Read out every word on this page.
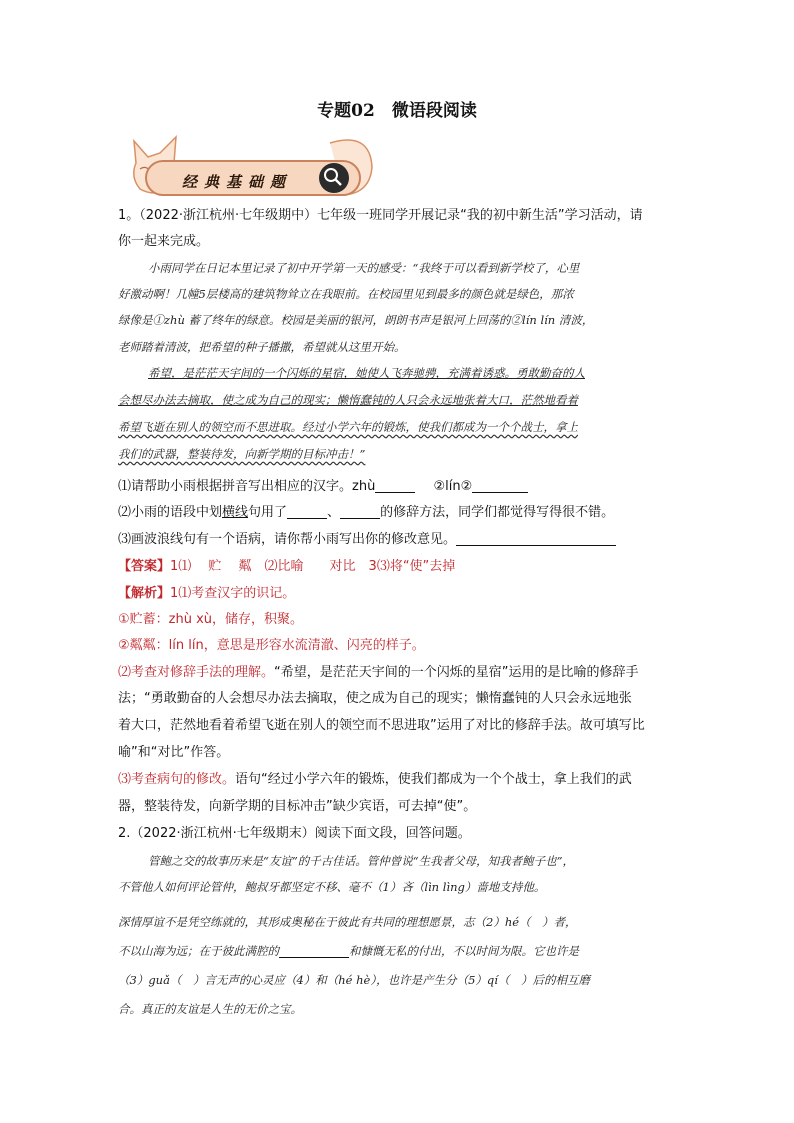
专题02　微语段阅读
经典基础题
1。（2022·浙江杭州·七年级期中）七年级一班同学开展记录“我的初中新生活”学习活动，请
你一起来完成。
小雨同学在日记本里记录了初中开学第一天的感受：“我终于可以看到新学校了，心里
好激动啊！几幢5层楼高的建筑物耸立在我眼前。在校园里见到最多的颜色就是绿色，那浓
绿像是①zhù 蓄了终年的绿意。校园是美丽的银河，朗朗书声是银河上回荡的②lín lín 清波，
老师踏着清波，把希望的种子播撒，希望就从这里开始。
希望，是茫茫天宇间的一个闪烁的星宿，她使人飞奔驰骋，充满着诱惑。勇敢勤奋的人
会想尽办法去摘取，使之成为自己的现实；懒惰蠢钝的人只会永远地张着大口，茫然地看着
希望飞逝在别人的领空而不思进取。经过小学六年的锻炼，使我们都成为一个个战士，拿上
我们的武器，整装待发，向新学期的目标冲击！”
⑴请帮助小雨根据拼音写出相应的汉字。zhù	②lín②
⑵小雨的语段中划横线句用了	、	的修辞方法，同学们都觉得写得很不错。
⑶画波浪线句有一个语病，请你帮小雨写出你的修改意见。
【答案】1⑴　 贮　 粼　⑵比喻　　对比　3⑶将“使”去掉
【解析】1⑴考查汉字的识记。
①贮蓄：zhù xù，储存，积聚。
②粼粼：lín lín，意思是形容水流清澈、闪亮的样子。
⑵考查对修辞手法的理解。“希望，是茫茫天宇间的一个闪烁的星宿”运用的是比喻的修辞手
法；“勇敢勤奋的人会想尽办法去摘取，使之成为自己的现实；懒惰蠢钝的人只会永远地张
着大口，茫然地看着希望飞逝在别人的领空而不思进取”运用了对比的修辞手法。故可填写比
喻”和“对比”作答。
⑶考查病句的修改。语句“经过小学六年的锻炼，使我们都成为一个个战士，拿上我们的武
器，整装待发，向新学期的目标冲击”缺少宾语，可去掉“使”。
2.（2022·浙江杭州·七年级期末）阅读下面文段，回答问题。
管鲍之交的故事历来是“友谊”的千古佳话。管仲曾说“生我者父母，知我者鲍子也”，
不管他人如何评论管仲，鲍叔牙都坚定不移、毫不（1）吝（lìn lìng）啬地支持他。
深情厚谊不是凭空练就的，其形成奥秘在于彼此有共同的理想愿景，志（2）hé（　）者，
不以山海为远；在于彼此满腔的	和慷慨无私的付出，不以时间为限。它也许是
（3）guǎ（　）言无声的心灵应（4）和（hé hè），也许是产生分（5）qí（　）后的相互磨
合。真正的友谊是人生的无价之宝。
